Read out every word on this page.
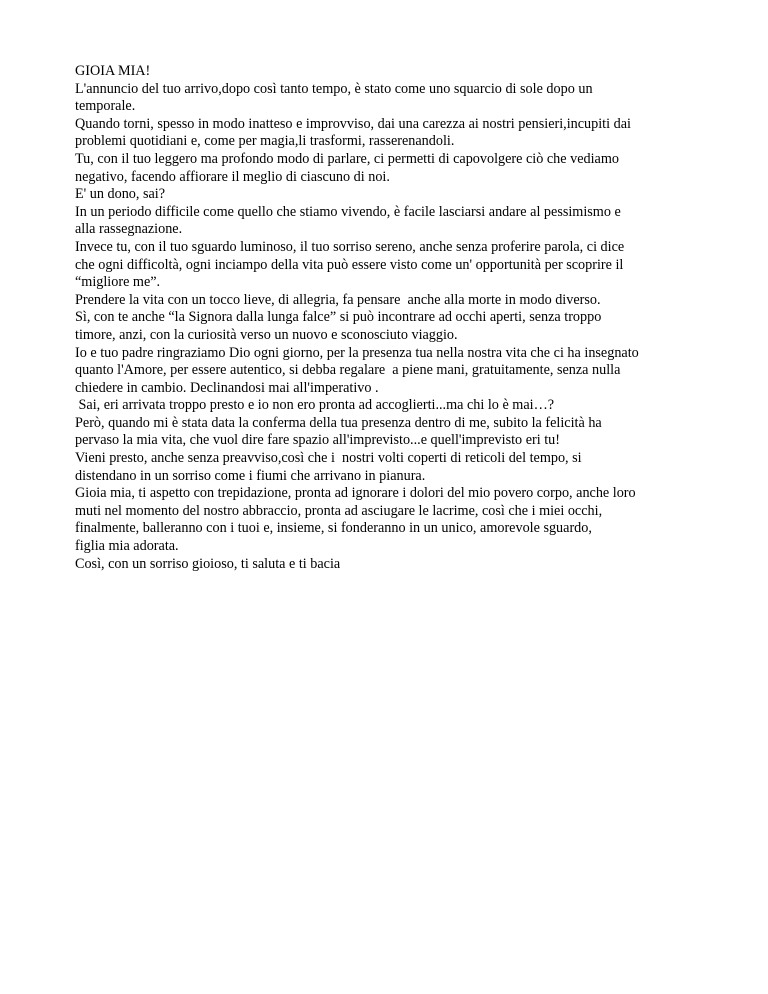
GIOIA MIA!
L'annuncio del tuo arrivo,dopo così tanto tempo, è stato come uno squarcio di sole dopo un
temporale.
Quando torni, spesso in modo inatteso e improvviso, dai una carezza ai nostri pensieri,incupiti dai
problemi quotidiani e, come per magia,li trasformi, rasserenandoli.
Tu, con il tuo leggero ma profondo modo di parlare, ci permetti di capovolgere ciò che vediamo
negativo, facendo affiorare il meglio di ciascuno di noi.
E' un dono, sai?
In un periodo difficile come quello che stiamo vivendo, è facile lasciarsi andare al pessimismo e
alla rassegnazione.
Invece tu, con il tuo sguardo luminoso, il tuo sorriso sereno, anche senza proferire parola, ci dice
che ogni difficoltà, ogni inciampo della vita può essere visto come un' opportunità per scoprire il
“migliore me”.
Prendere la vita con un tocco lieve, di allegria, fa pensare  anche alla morte in modo diverso.
Sì, con te anche “la Signora dalla lunga falce” si può incontrare ad occhi aperti, senza troppo
timore, anzi, con la curiosità verso un nuovo e sconosciuto viaggio.
Io e tuo padre ringraziamo Dio ogni giorno, per la presenza tua nella nostra vita che ci ha insegnato
quanto l'Amore, per essere autentico, si debba regalare  a piene mani, gratuitamente, senza nulla
chiedere in cambio. Declinandosi mai all'imperativo .
Sai, eri arrivata troppo presto e io non ero pronta ad accoglierti...ma chi lo è mai…?
Però, quando mi è stata data la conferma della tua presenza dentro di me, subito la felicità ha
pervaso la mia vita, che vuol dire fare spazio all'imprevisto...e quell'imprevisto eri tu!
Vieni presto, anche senza preavviso,così che i  nostri volti coperti di reticoli del tempo, si
distendano in un sorriso come i fiumi che arrivano in pianura.
Gioia mia, ti aspetto con trepidazione, pronta ad ignorare i dolori del mio povero corpo, anche loro
muti nel momento del nostro abbraccio, pronta ad asciugare le lacrime, così che i miei occhi,
finalmente, balleranno con i tuoi e, insieme, si fonderanno in un unico, amorevole sguardo,
figlia mia adorata.
Così, con un sorriso gioioso, ti saluta e ti bacia
